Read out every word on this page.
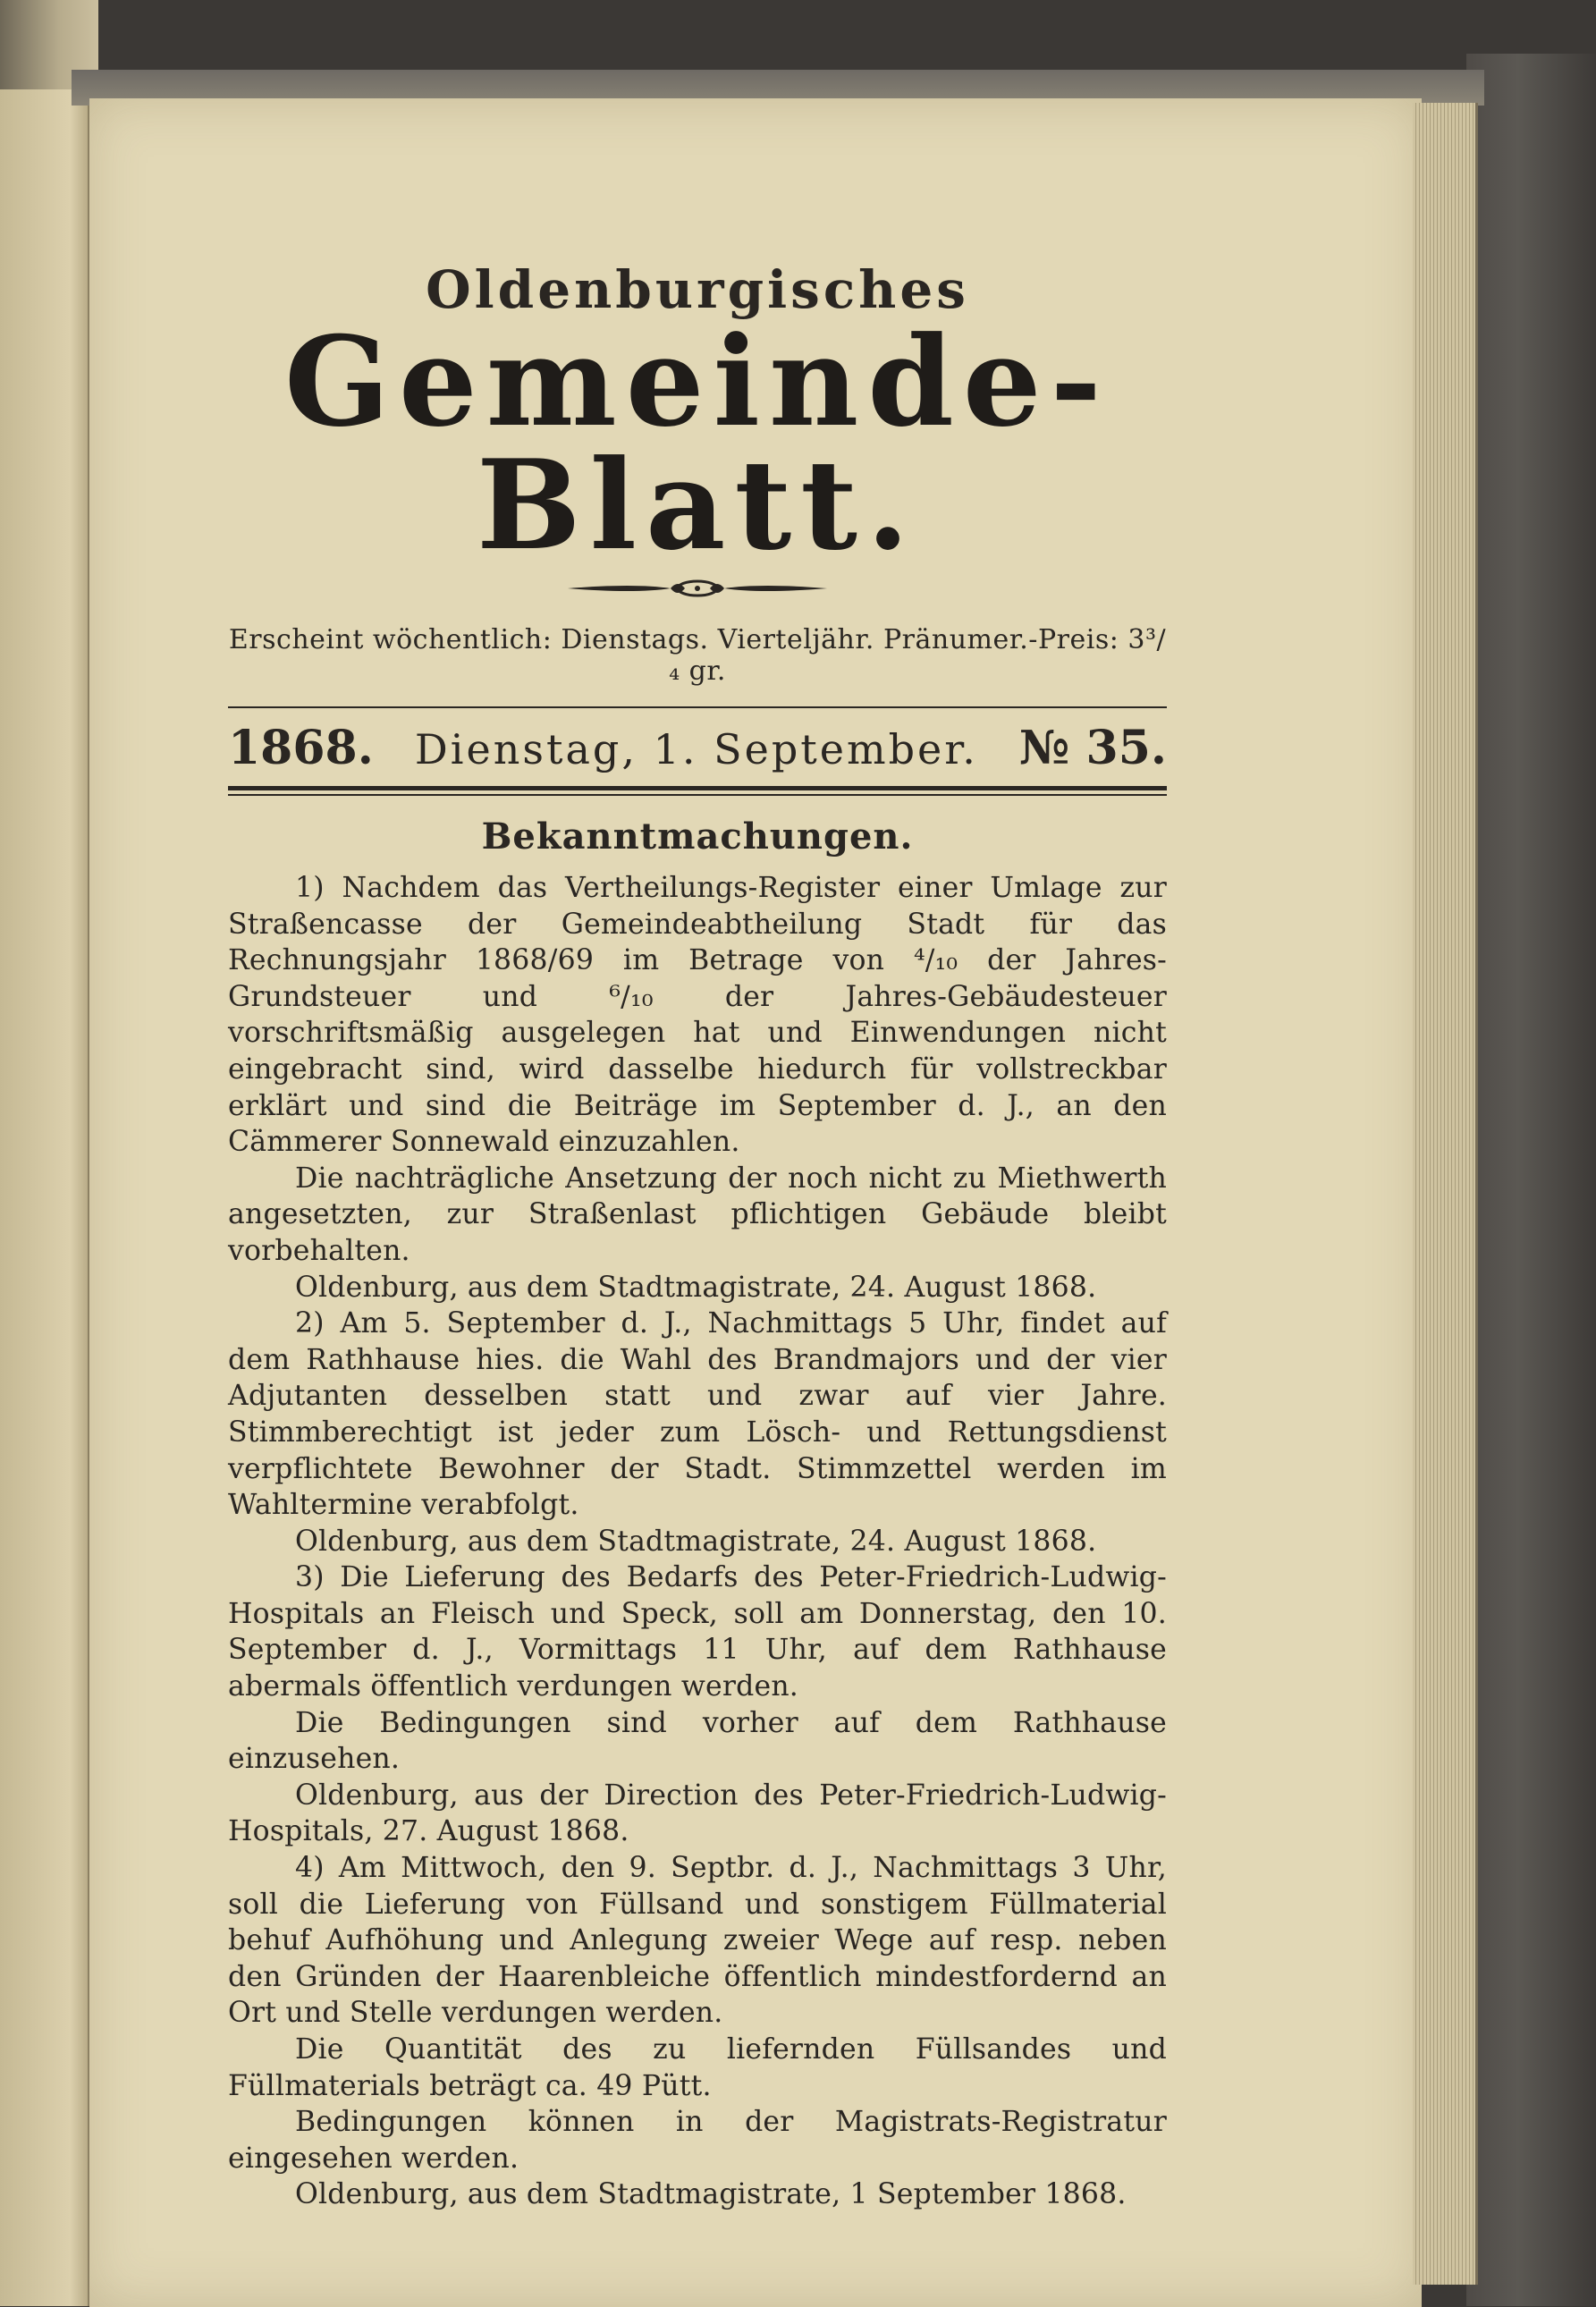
Oldenburgisches
Gemeinde-Blatt.

Erscheint wöchentlich: Dienstags. Vierteljähr. Pränumer.-Preis: 3³/₄ gr.

1868. Dienstag, 1. September. № 35.
Bekanntmachungen.

1) Nachdem das Vertheilungs-Register einer Umlage zur Straßencasse der Gemeindeabtheilung Stadt für das Rechnungsjahr 1868/69 im Betrage von ⁴/₁₀ der Jahres-Grundsteuer und ⁶/₁₀ der Jahres-Gebäudesteuer vorschriftsmäßig ausgelegen hat und Einwendungen nicht eingebracht sind, wird dasselbe hiedurch für vollstreckbar erklärt und sind die Beiträge im September d. J., an den Cämmerer Sonnewald einzuzahlen.

Die nachträgliche Ansetzung der noch nicht zu Miethwerth angesetzten, zur Straßenlast pflichtigen Gebäude bleibt vorbehalten.

Oldenburg, aus dem Stadtmagistrate, 24. August 1868.

2) Am 5. September d. J., Nachmittags 5 Uhr, findet auf dem Rathhause hies. die Wahl des Brandmajors und der vier Adjutanten desselben statt und zwar auf vier Jahre. Stimmberechtigt ist jeder zum Lösch- und Rettungsdienst verpflichtete Bewohner der Stadt. Stimmzettel werden im Wahltermine verabfolgt.

Oldenburg, aus dem Stadtmagistrate, 24. August 1868.

3) Die Lieferung des Bedarfs des Peter-Friedrich-Ludwig-Hospitals an Fleisch und Speck, soll am Donnerstag, den 10. September d. J., Vormittags 11 Uhr, auf dem Rathhause abermals öffentlich verdungen werden.

Die Bedingungen sind vorher auf dem Rathhause einzusehen.

Oldenburg, aus der Direction des Peter-Friedrich-Ludwig-Hospitals, 27. August 1868.

4) Am Mittwoch, den 9. Septbr. d. J., Nachmittags 3 Uhr, soll die Lieferung von Füllsand und sonstigem Füllmaterial behuf Aufhöhung und Anlegung zweier Wege auf resp. neben den Gründen der Haarenbleiche öffentlich mindestfordernd an Ort und Stelle verdungen werden.

Die Quantität des zu liefernden Füllsandes und Füllmaterials beträgt ca. 49 Pütt.

Bedingungen können in der Magistrats-Registratur eingesehen werden.

Oldenburg, aus dem Stadtmagistrate, 1 September 1868.
